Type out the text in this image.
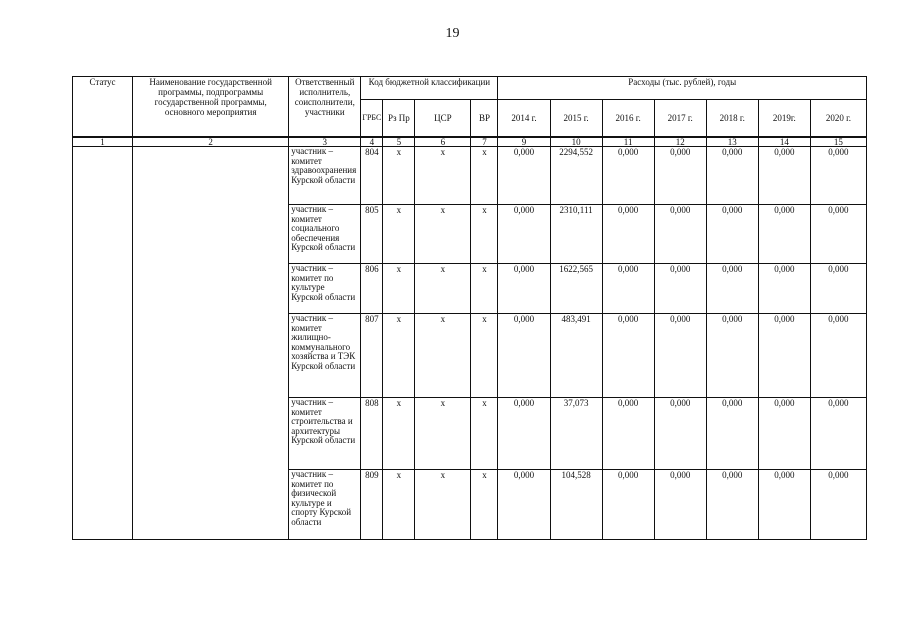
19
Статус	Наименование государственной программы, подпрограммы государственной программы, основного мероприятия	Ответственный исполнитель, соисполнители, участники	Код бюджетной классификации				Расходы (тыс. рублей), годы						
			ГРБС	Рз Пр	ЦСР	ВР	2014 г.	2015 г.	2016 г.	2017 г.	2018 г.	2019г.	2020 г.
1	2	3	4	5	6	7	9	10	11	12	13	14	15
		участник – комитет здравоохранения Курской области	804	х	х	х	0,000	2294,552	0,000	0,000	0,000	0,000	0,000
		участник – комитет социального обеспечения Курской области	805	х	х	х	0,000	2310,111	0,000	0,000	0,000	0,000	0,000
		участник – комитет по культуре Курской области	806	х	х	х	0,000	1622,565	0,000	0,000	0,000	0,000	0,000
		участник – комитет жилищно-коммунального хозяйства и ТЭК Курской области	807	х	х	х	0,000	483,491	0,000	0,000	0,000	0,000	0,000
		участник – комитет строительства и архитектуры Курской области	808	х	х	х	0,000	37,073	0,000	0,000	0,000	0,000	0,000
		участник – комитет по физической культуре и спорту Курской области	809	х	х	х	0,000	104,528	0,000	0,000	0,000	0,000	0,000
